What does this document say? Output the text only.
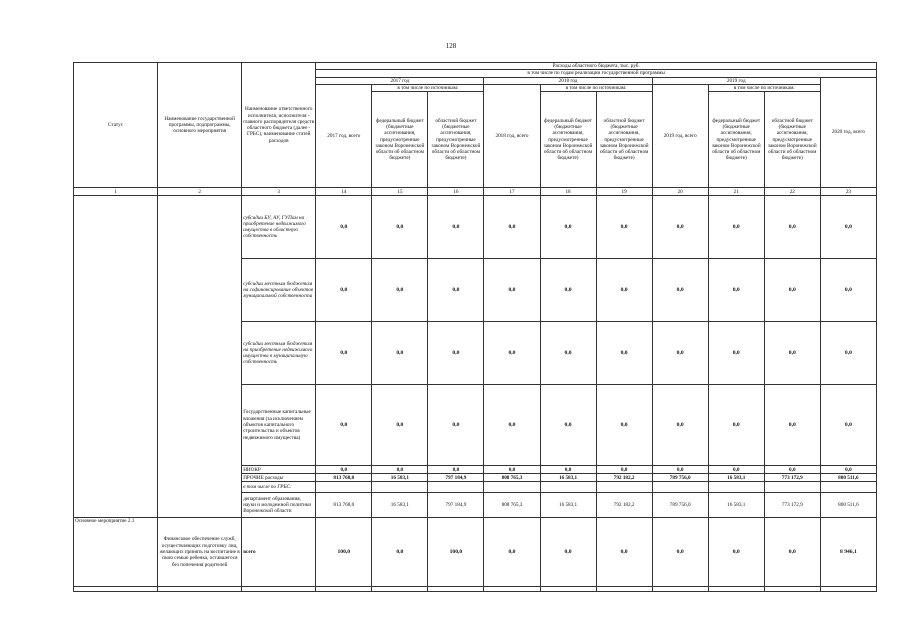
128
Статус	Наименование государственной программы, подпрограммы, основного мероприятия	Наименование ответственного исполнителя, исполнителя - главного распорядителя средств областного бюджета (далее - ГРБС), наименование статей расходов	Расходы областного бюджета, тыс. руб.									
			в том числе по годам реализации государственной программы									
			2017 год			2018 год			2019 год			2020 год, всего
			2017 год, всего	в том числе по источникам:		2018 год, всего	в том числе по источникам:		2019 год, всего	в том числе по источникам:		
				федеральный бюджет (бюджетные ассигнования, предусмотренные законом Воронежской области об областном бюджете)	областной бюджет (бюджетные ассигнования, предусмотренные законом Воронежской области об областном бюджете)		федеральный бюджет (бюджетные ассигнования, предусмотренные законом Воронежской области об областном бюджете)	областной бюджет (бюджетные ассигнования, предусмотренные законом Воронежской области об областном бюджете)		федеральный бюджет (бюджетные ассигнования, предусмотренные законом Воронежской области об областном бюджете)	областной бюджет (бюджетные ассигнования, предусмотренные законом Воронежской области об областном бюджете)	
1	2	3	14	15	16	17	18	19	20	21	22	23
		субсидии БУ, АУ, ГУПам на приобретение недвижимого имущества в областную собственность	0,0	0,0	0,0	0,0	0,0	0,0	0,0	0,0	0,0	0,0
		субсидии местным бюджетам на софинансирование объектов муниципальной собственности	0,0	0,0	0,0	0,0	0,0	0,0	0,0	0,0	0,0	0,0
		субсидии местным бюджетам на приобретение недвижимого имущества в муниципальную собственность	0,0	0,0	0,0	0,0	0,0	0,0	0,0	0,0	0,0	0,0
		Государственные капитальные вложения (за исключением объектов капитального строительства и объектов недвижимого имущества)	0,0	0,0	0,0	0,0	0,0	0,0	0,0	0,0	0,0	0,0
		НИОКР	0,0	0,0	0,0	0,0	0,0	0,0	0,0	0,0	0,0	0,0
		ПРОЧИЕ расходы	813 768,0	16 583,1	797 184,9	808 765,3	16 583,1	792 182,2	789 756,0	16 583,1	773 172,9	800 511,6
		в том числе по ГРБС:										
		департамент образования, науки и молодежной политики Воронежской области	813 768,0	16 583,1	797 184,9	808 765,3	16 583,1	792 182,2	789 756,0	16 583,1	773 172,9	800 511,6
Основное мероприятие 2.1	Финансовое обеспечение служб, осуществляющих подготовку лиц, желающих принять на воспитание в свою семью ребенка, оставшегося без попечения родителей	всего	100,0	0,0	100,0	0,0	0,0	0,0	0,0	0,0	0,0	8 946,1
